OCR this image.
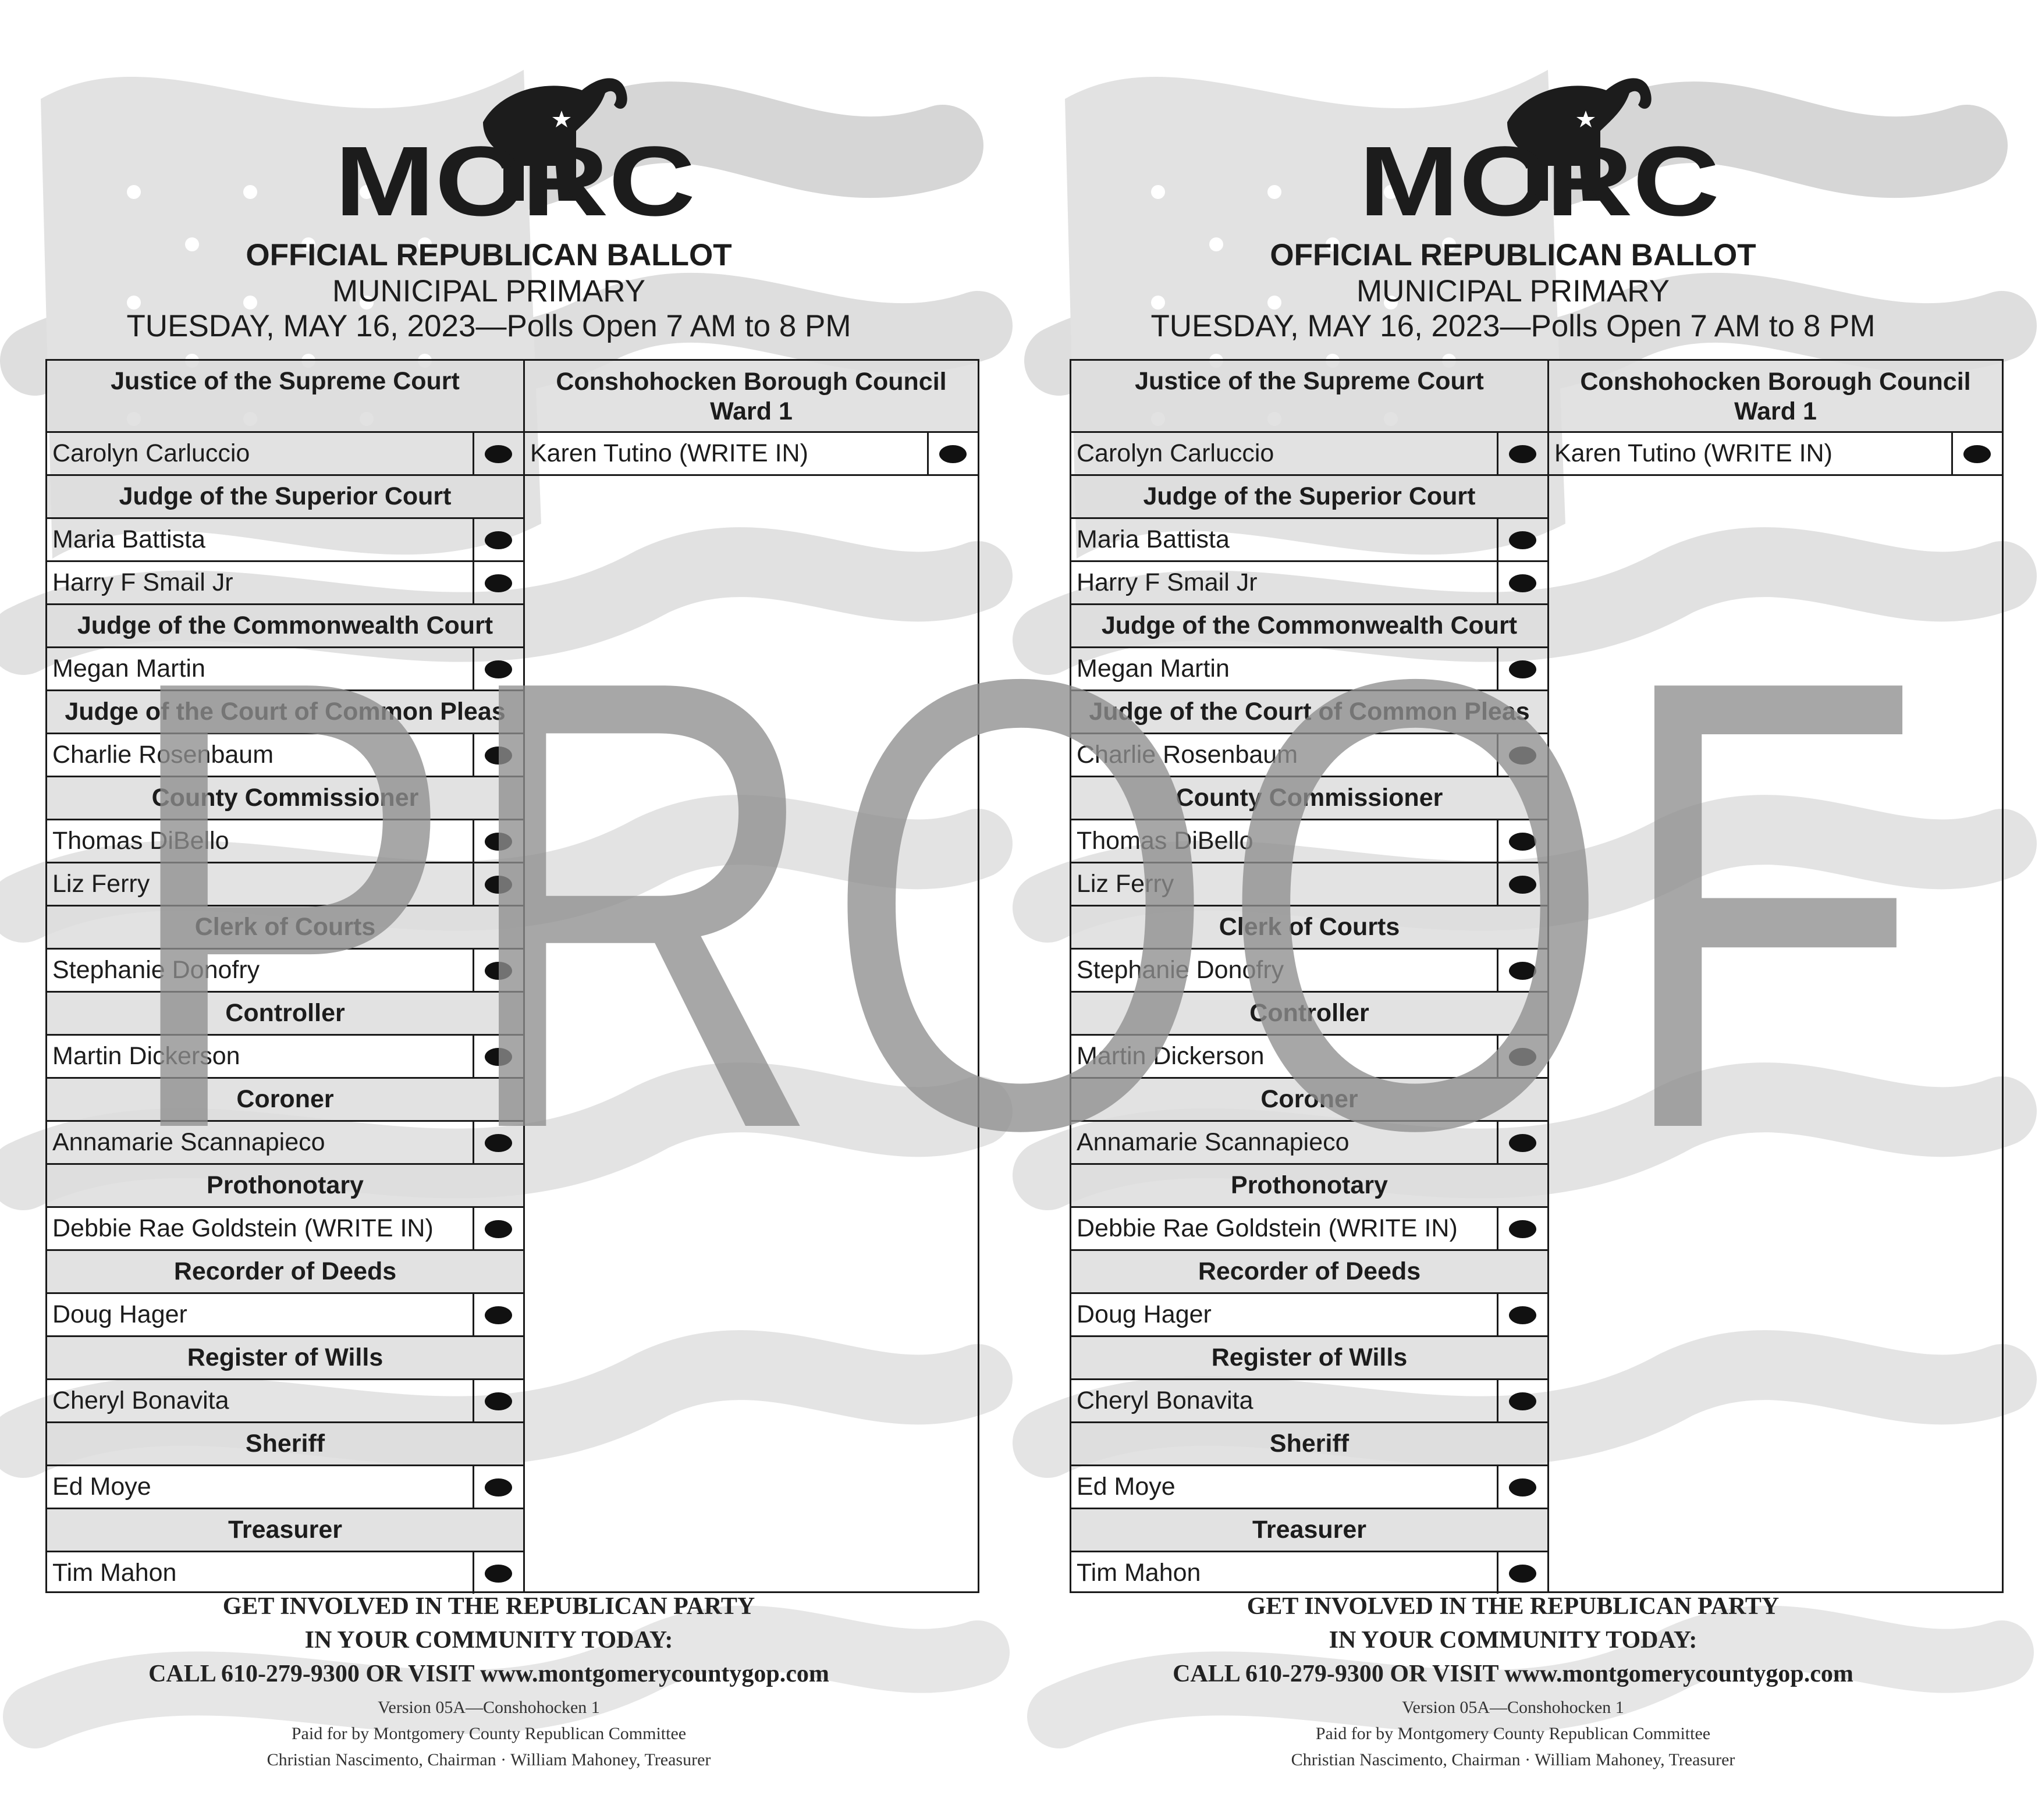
MCRC
OFFICIAL REPUBLICAN BALLOT
MUNICIPAL PRIMARY
TUESDAY, MAY 16, 2023—Polls Open 7 AM to 8 PM
Justice of the Supreme Court
Carolyn Carluccio
Judge of the Superior Court
Maria Battista
Harry F Smail Jr
Judge of the Commonwealth Court
Megan Martin
Judge of the Court of Common Pleas
Charlie Rosenbaum
County Commissioner
Thomas DiBello
Liz Ferry
Clerk of Courts
Stephanie Donofry
Controller
Martin Dickerson
Coroner
Annamarie Scannapieco
Prothonotary
Debbie Rae Goldstein (WRITE IN)
Recorder of Deeds
Doug Hager
Register of Wills
Cheryl Bonavita
Sheriff
Ed Moye
Treasurer
Tim Mahon
Conshohocken Borough Council
Ward 1
Karen Tutino (WRITE IN)
GET INVOLVED IN THE REPUBLICAN PARTY
IN YOUR COMMUNITY TODAY:
CALL 610-279-9300 OR VISIT www.montgomerycountygop.com
Version 05A—Conshohocken 1
Paid for by Montgomery County Republican Committee
Christian Nascimento, Chairman · William Mahoney, Treasurer
MCRC
OFFICIAL REPUBLICAN BALLOT
MUNICIPAL PRIMARY
TUESDAY, MAY 16, 2023—Polls Open 7 AM to 8 PM
Justice of the Supreme Court
Carolyn Carluccio
Judge of the Superior Court
Maria Battista
Harry F Smail Jr
Judge of the Commonwealth Court
Megan Martin
Judge of the Court of Common Pleas
Charlie Rosenbaum
County Commissioner
Thomas DiBello
Liz Ferry
Clerk of Courts
Stephanie Donofry
Controller
Martin Dickerson
Coroner
Annamarie Scannapieco
Prothonotary
Debbie Rae Goldstein (WRITE IN)
Recorder of Deeds
Doug Hager
Register of Wills
Cheryl Bonavita
Sheriff
Ed Moye
Treasurer
Tim Mahon
Conshohocken Borough Council
Ward 1
Karen Tutino (WRITE IN)
GET INVOLVED IN THE REPUBLICAN PARTY
IN YOUR COMMUNITY TODAY:
CALL 610-279-9300 OR VISIT www.montgomerycountygop.com
Version 05A—Conshohocken 1
Paid for by Montgomery County Republican Committee
Christian Nascimento, Chairman · William Mahoney, Treasurer
PROOF
